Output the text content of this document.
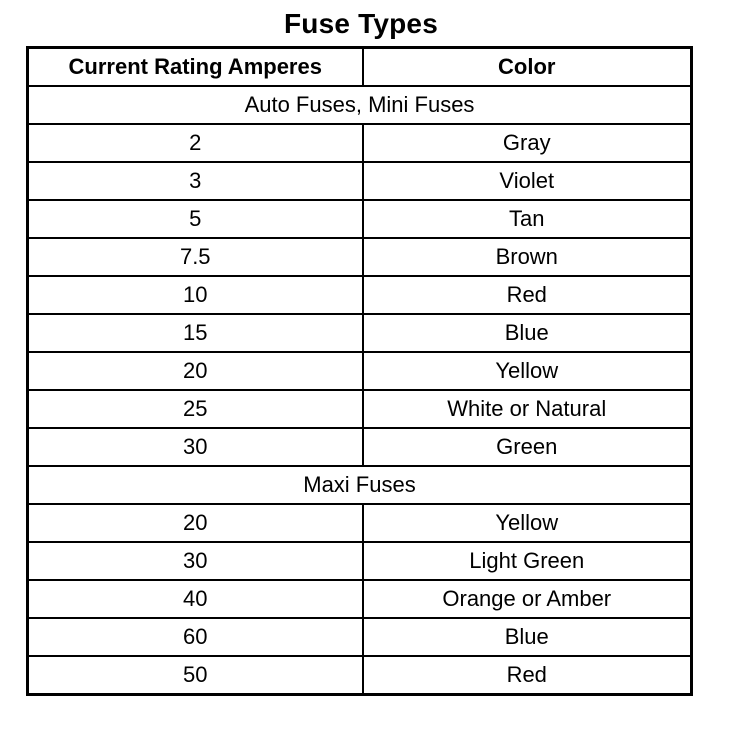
Fuse Types
Current Rating Amperes	Color
Auto Fuses, Mini Fuses	
2	Gray
3	Violet
5	Tan
7.5	Brown
10	Red
15	Blue
20	Yellow
25	White or Natural
30	Green
Maxi Fuses	
20	Yellow
30	Light Green
40	Orange or Amber
60	Blue
50	Red
